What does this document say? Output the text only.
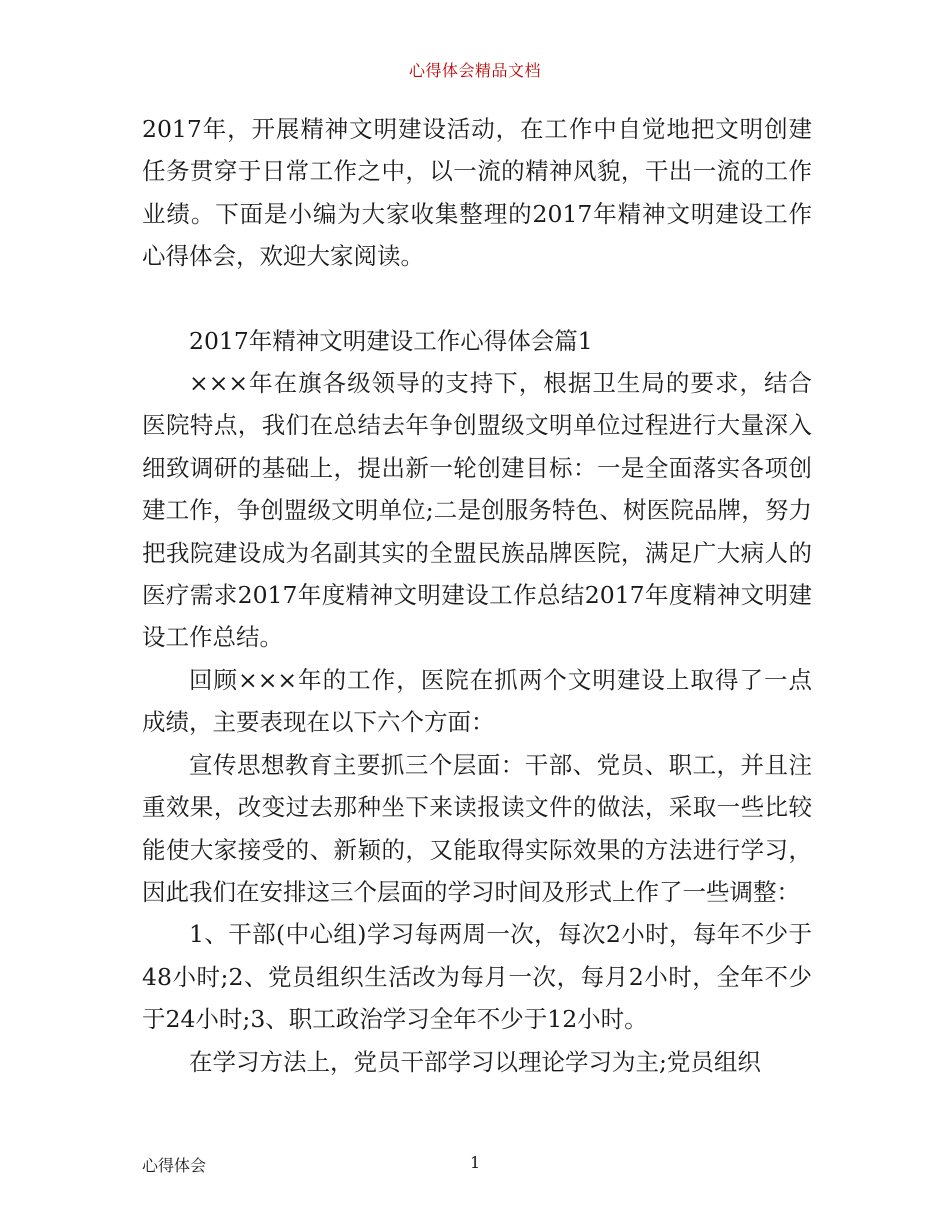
心得体会精品文档

2017年，开展精神文明建设活动，在工作中自觉地把文明创建任务贯穿于日常工作之中，以一流的精神风貌，干出一流的工作业绩。下面是小编为大家收集整理的2017年精神文明建设工作心得体会，欢迎大家阅读。

2017年精神文明建设工作心得体会篇1

×××年在旗各级领导的支持下，根据卫生局的要求，结合医院特点，我们在总结去年争创盟级文明单位过程进行大量深入细致调研的基础上，提出新一轮创建目标：一是全面落实各项创建工作，争创盟级文明单位;二是创服务特色、树医院品牌，努力把我院建设成为名副其实的全盟民族品牌医院，满足广大病人的医疗需求2017年度精神文明建设工作总结2017年度精神文明建设工作总结。

回顾×××年的工作，医院在抓两个文明建设上取得了一点成绩，主要表现在以下六个方面：

宣传思想教育主要抓三个层面：干部、党员、职工，并且注重效果，改变过去那种坐下来读报读文件的做法，采取一些比较能使大家接受的、新颖的，又能取得实际效果的方法进行学习，因此我们在安排这三个层面的学习时间及形式上作了一些调整：

1、干部(中心组)学习每两周一次，每次2小时，每年不少于48小时;2、党员组织生活改为每月一次，每月2小时，全年不少于24小时;3、职工政治学习全年不少于12小时。

在学习方法上，党员干部学习以理论学习为主;党员组织

心得体会	1
